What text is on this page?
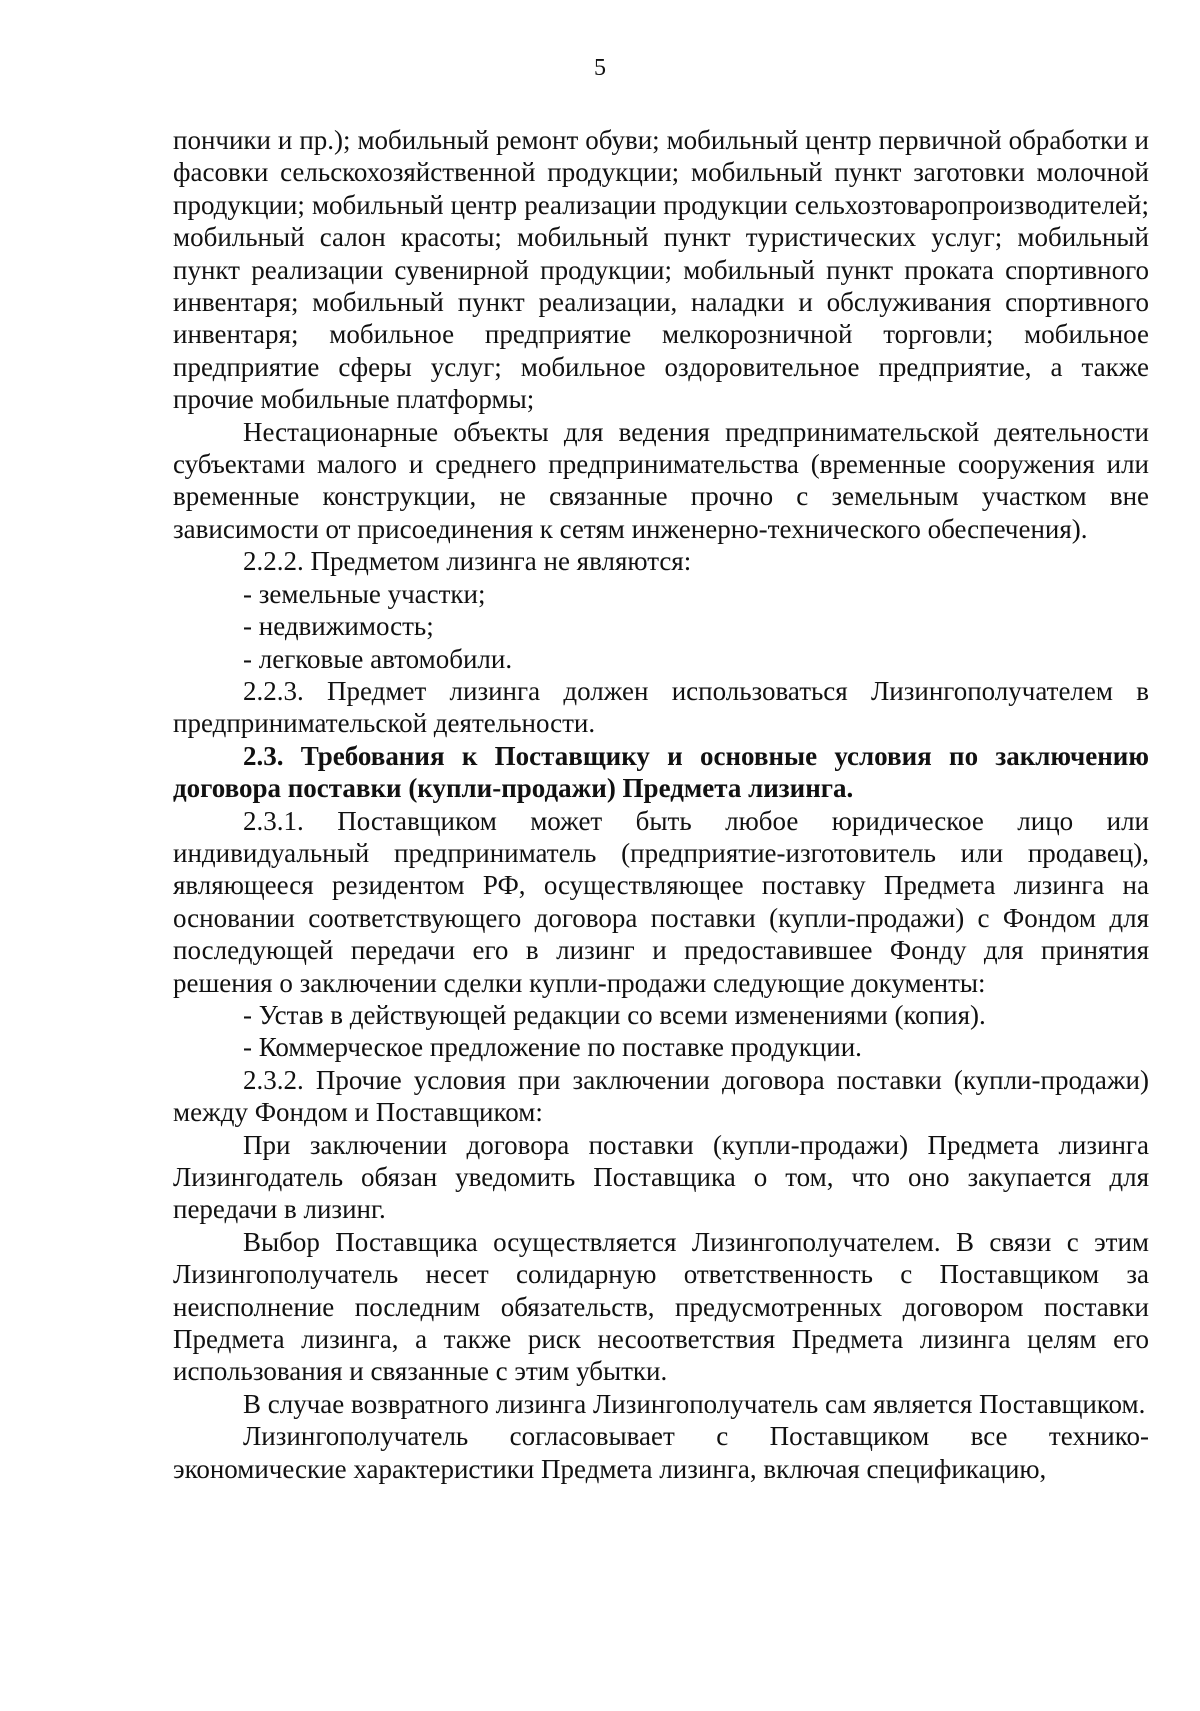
5

пончики и пр.); мобильный ремонт обуви; мобильный центр первичной обработки и фасовки сельскохозяйственной продукции; мобильный пункт заготовки молочной продукции; мобильный центр реализации продукции сельхозтоваропроизводителей; мобильный салон красоты; мобильный пункт туристических услуг; мобильный пункт реализации сувенирной продукции; мобильный пункт проката спортивного инвентаря; мобильный пункт реализации, наладки и обслуживания спортивного инвентаря; мобильное предприятие мелкорозничной торговли; мобильное предприятие сферы услуг; мобильное оздоровительное предприятие, а также прочие мобильные платформы;

Нестационарные объекты для ведения предпринимательской деятельности субъектами малого и среднего предпринимательства (временные сооружения или временные конструкции, не связанные прочно с земельным участком вне зависимости от присоединения к сетям инженерно-технического обеспечения).

2.2.2. Предметом лизинга не являются:

- земельные участки;

- недвижимость;

- легковые автомобили.

2.2.3. Предмет лизинга должен использоваться Лизингополучателем в предпринимательской деятельности.

2.3. Требования к Поставщику и основные условия по заключению договора поставки (купли-продажи) Предмета лизинга.

2.3.1. Поставщиком может быть любое юридическое лицо или индивидуальный предприниматель (предприятие-изготовитель или продавец), являющееся резидентом РФ, осуществляющее поставку Предмета лизинга на основании соответствующего договора поставки (купли-продажи) с Фондом для последующей передачи его в лизинг и предоставившее Фонду для принятия решения о заключении сделки купли-продажи следующие документы:

- Устав в действующей редакции со всеми изменениями (копия).

- Коммерческое предложение по поставке продукции.

2.3.2. Прочие условия при заключении договора поставки (купли-продажи) между Фондом и Поставщиком:

При заключении договора поставки (купли-продажи) Предмета лизинга Лизингодатель обязан уведомить Поставщика о том, что оно закупается для передачи в лизинг.

Выбор Поставщика осуществляется Лизингополучателем. В связи с этим Лизингополучатель несет солидарную ответственность с Поставщиком за неисполнение последним обязательств, предусмотренных договором поставки Предмета лизинга, а также риск несоответствия Предмета лизинга целям его использования и связанные с этим убытки.

В случае возвратного лизинга Лизингополучатель сам является Поставщиком.

Лизингополучатель согласовывает с Поставщиком все технико-экономические характеристики Предмета лизинга, включая спецификацию,
